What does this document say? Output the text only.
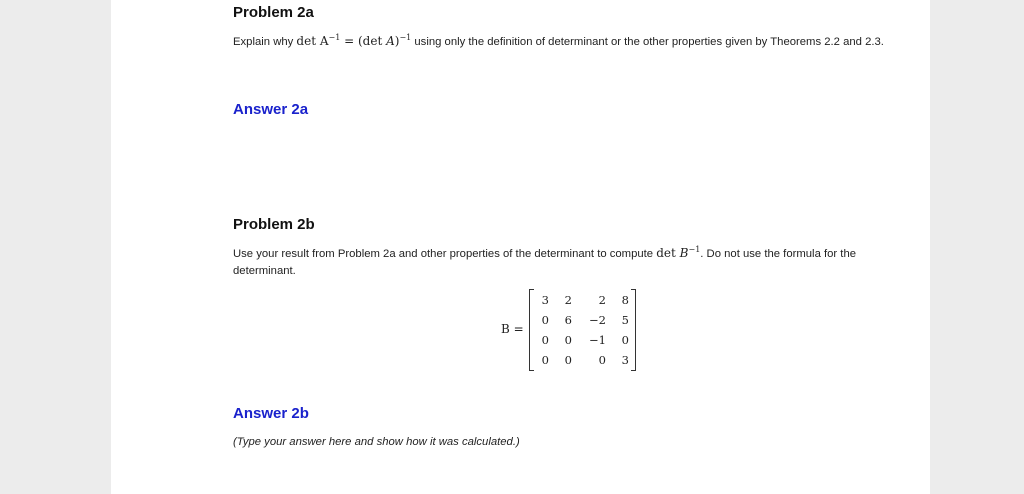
Problem 2a
Explain why $\det A^{-1} = (\det$ A)$^{-1}$ using only the definition of determinant or the other properties given by Theorems 2.2 and 2.3.
Answer 2a
Problem 2b
Use your result from Problem 2a and other properties of the determinant to compute $\det B^{-1}$. Do not use the formula for the determinant.
B =
3	2	2	8
0	6	−2	5
0	0	−1	0
0	0	0	3
Answer 2b
(Type your answer here and show how it was calculated.)
